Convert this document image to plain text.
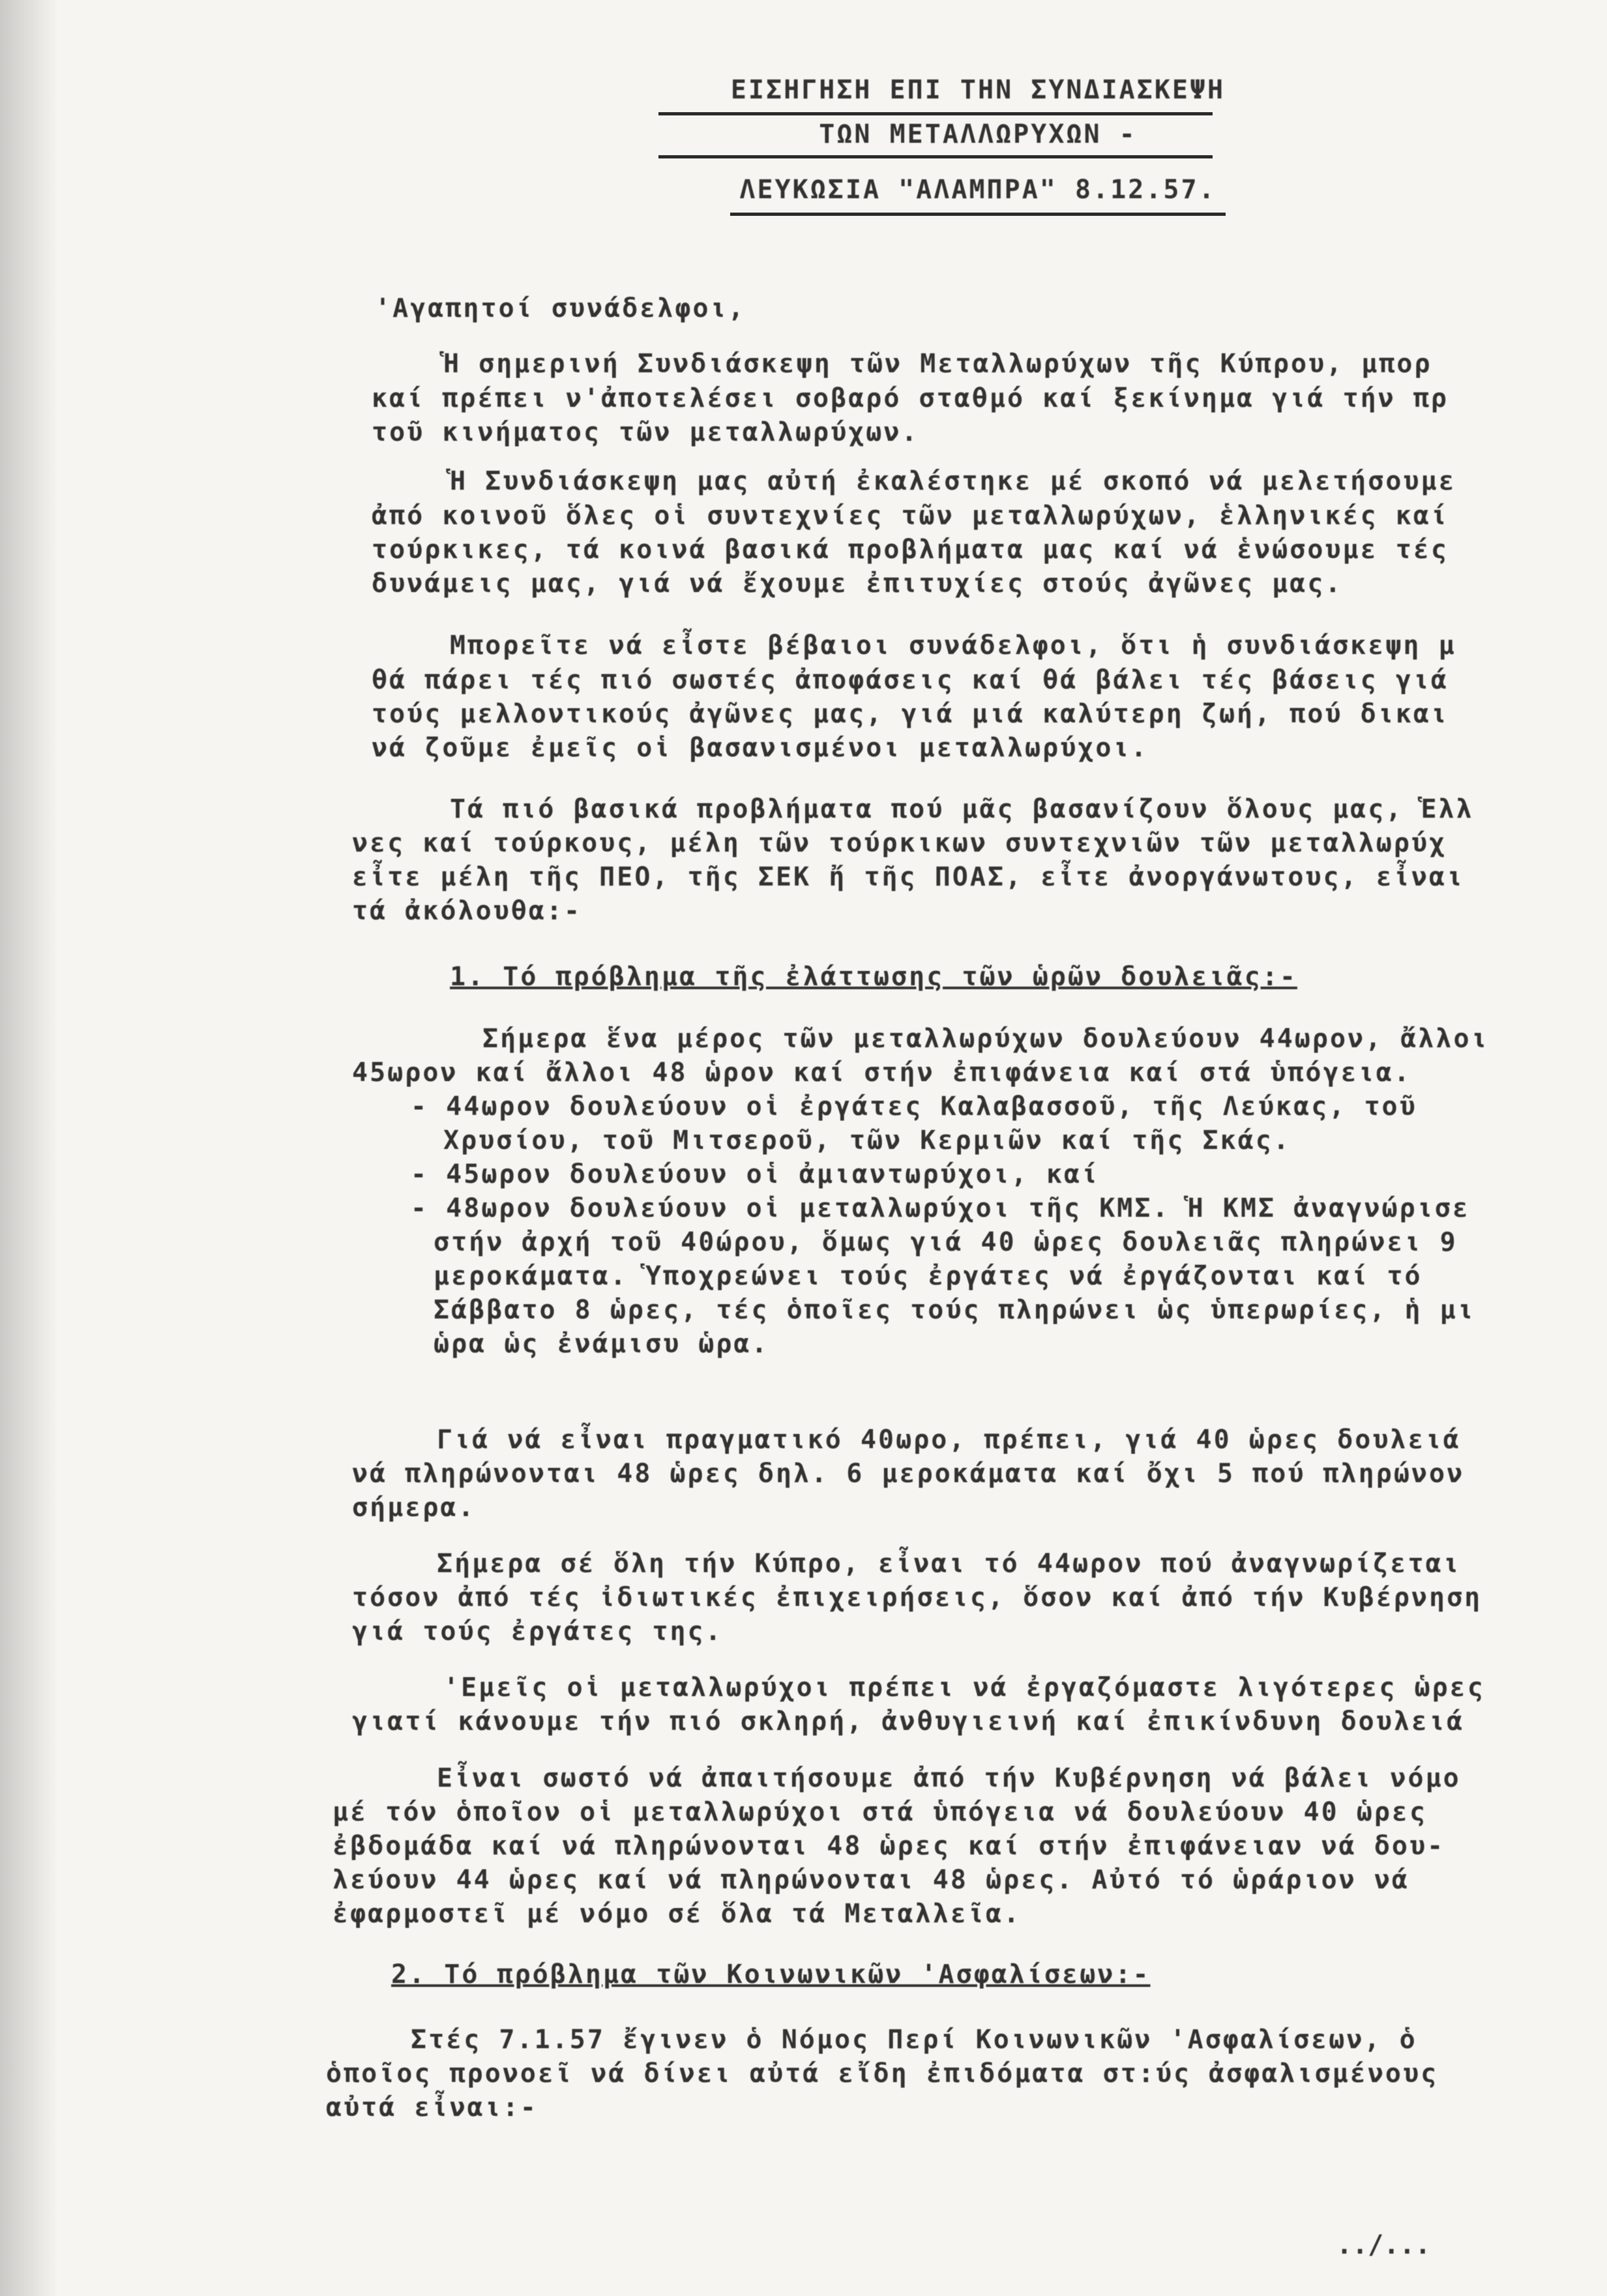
ΕΙΣΗΓΗΣΗ ΕΠΙ ΤΗΝ ΣΥΝΔΙΑΣΚΕΨΗ
ΤΩΝ ΜΕΤΑΛΛΩΡΥΧΩΝ -
ΛΕΥΚΩΣΙΑ "ΑΛΑΜΠΡΑ" 8.12.57.
'Αγαπητοί συνάδελφοι,
Ἡ σημερινή Συνδιάσκεψη τῶν Μεταλλωρύχων τῆς Κύπρου, μπορ
καί πρέπει ν'ἀποτελέσει σοβαρό σταθμό καί ξεκίνημα γιά τήν πρ
τοῦ κινήματος τῶν μεταλλωρύχων.
Ἡ Συνδιάσκεψη μας αὐτή ἐκαλέστηκε μέ σκοπό νά μελετήσουμε
ἀπό κοινοῦ ὅλες οἱ συντεχνίες τῶν μεταλλωρύχων, ἑλληνικές καί
τούρκικες, τά κοινά βασικά προβλήματα μας καί νά ἑνώσουμε τές
δυνάμεις μας, γιά νά ἔχουμε ἐπιτυχίες στούς ἀγῶνες μας.
Μπορεῖτε νά εἶστε βέβαιοι συνάδελφοι, ὅτι ἡ συνδιάσκεψη μ
θά πάρει τές πιό σωστές ἀποφάσεις καί θά βάλει τές βάσεις γιά
τούς μελλοντικούς ἀγῶνες μας, γιά μιά καλύτερη ζωή, πού δικαι
νά ζοῦμε ἐμεῖς οἱ βασανισμένοι μεταλλωρύχοι.
Τά πιό βασικά προβλήματα πού μᾶς βασανίζουν ὅλους μας, Ἑλλ
νες καί τούρκους, μέλη τῶν τούρκικων συντεχνιῶν τῶν μεταλλωρύχ
εἶτε μέλη τῆς ΠΕΟ, τῆς ΣΕΚ ἤ τῆς ΠΟΑΣ, εἶτε ἀνοργάνωτους, εἶναι
τά ἀκόλουθα:-
1. Τό πρόβλημα τῆς ἐλάττωσης τῶν ὡρῶν δουλειᾶς:-
Σήμερα ἕνα μέρος τῶν μεταλλωρύχων δουλεύουν 44ωρον, ἄλλοι
45ωρον καί ἄλλοι 48 ὡρον καί στήν ἐπιφάνεια καί στά ὑπόγεια.
- 44ωρον δουλεύουν οἱ ἐργάτες Καλαβασσοῦ, τῆς Λεύκας, τοῦ
Χρυσίου, τοῦ Μιτσεροῦ, τῶν Κερμιῶν καί τῆς Σκάς.
- 45ωρον δουλεύουν οἱ ἀμιαντωρύχοι, καί
- 48ωρον δουλεύουν οἱ μεταλλωρύχοι τῆς ΚΜΣ. Ἡ ΚΜΣ ἀναγνώρισε
στήν ἀρχή τοῦ 40ώρου, ὅμως γιά 40 ὡρες δουλειᾶς πληρώνει 9
μεροκάματα. Ὑποχρεώνει τούς ἐργάτες νά ἐργάζονται καί τό
Σάββατο 8 ὡρες, τές ὁποῖες τούς πληρώνει ὡς ὑπερωρίες, ἡ μι
ὡρα ὡς ἐνάμισυ ὡρα.
Γιά νά εἶναι πραγματικό 40ωρο, πρέπει, γιά 40 ὡρες δουλειά
νά πληρώνονται 48 ὡρες δηλ. 6 μεροκάματα καί ὄχι 5 πού πληρώνον
σήμερα.
Σήμερα σέ ὅλη τήν Κύπρο, εἶναι τό 44ωρον πού ἀναγνωρίζεται
τόσον ἀπό τές ἰδιωτικές ἐπιχειρήσεις, ὅσον καί ἀπό τήν Κυβέρνηση
γιά τούς ἐργάτες της.
'Εμεῖς οἱ μεταλλωρύχοι πρέπει νά ἐργαζόμαστε λιγότερες ὡρες
γιατί κάνουμε τήν πιό σκληρή, ἀνθυγιεινή καί ἐπικίνδυνη δουλειά
Εἶναι σωστό νά ἀπαιτήσουμε ἀπό τήν Κυβέρνηση νά βάλει νόμο
μέ τόν ὁποῖον οἱ μεταλλωρύχοι στά ὑπόγεια νά δουλεύουν 40 ὡρες
ἐβδομάδα καί νά πληρώνονται 48 ὡρες καί στήν ἐπιφάνειαν νά δου-
λεύουν 44 ὡρες καί νά πληρώνονται 48 ὡρες. Αὐτό τό ὡράριον νά
ἐφαρμοστεῖ μέ νόμο σέ ὅλα τά Μεταλλεῖα.
2. Τό πρόβλημα τῶν Κοινωνικῶν 'Ασφαλίσεων:-
Στές 7.1.57 ἔγινεν ὁ Νόμος Περί Κοινωνικῶν 'Ασφαλίσεων, ὁ
ὁποῖος προνοεῖ νά δίνει αὐτά εἴδη ἐπιδόματα στ:ύς ἀσφαλισμένους
αὐτά εἶναι:-
../...
